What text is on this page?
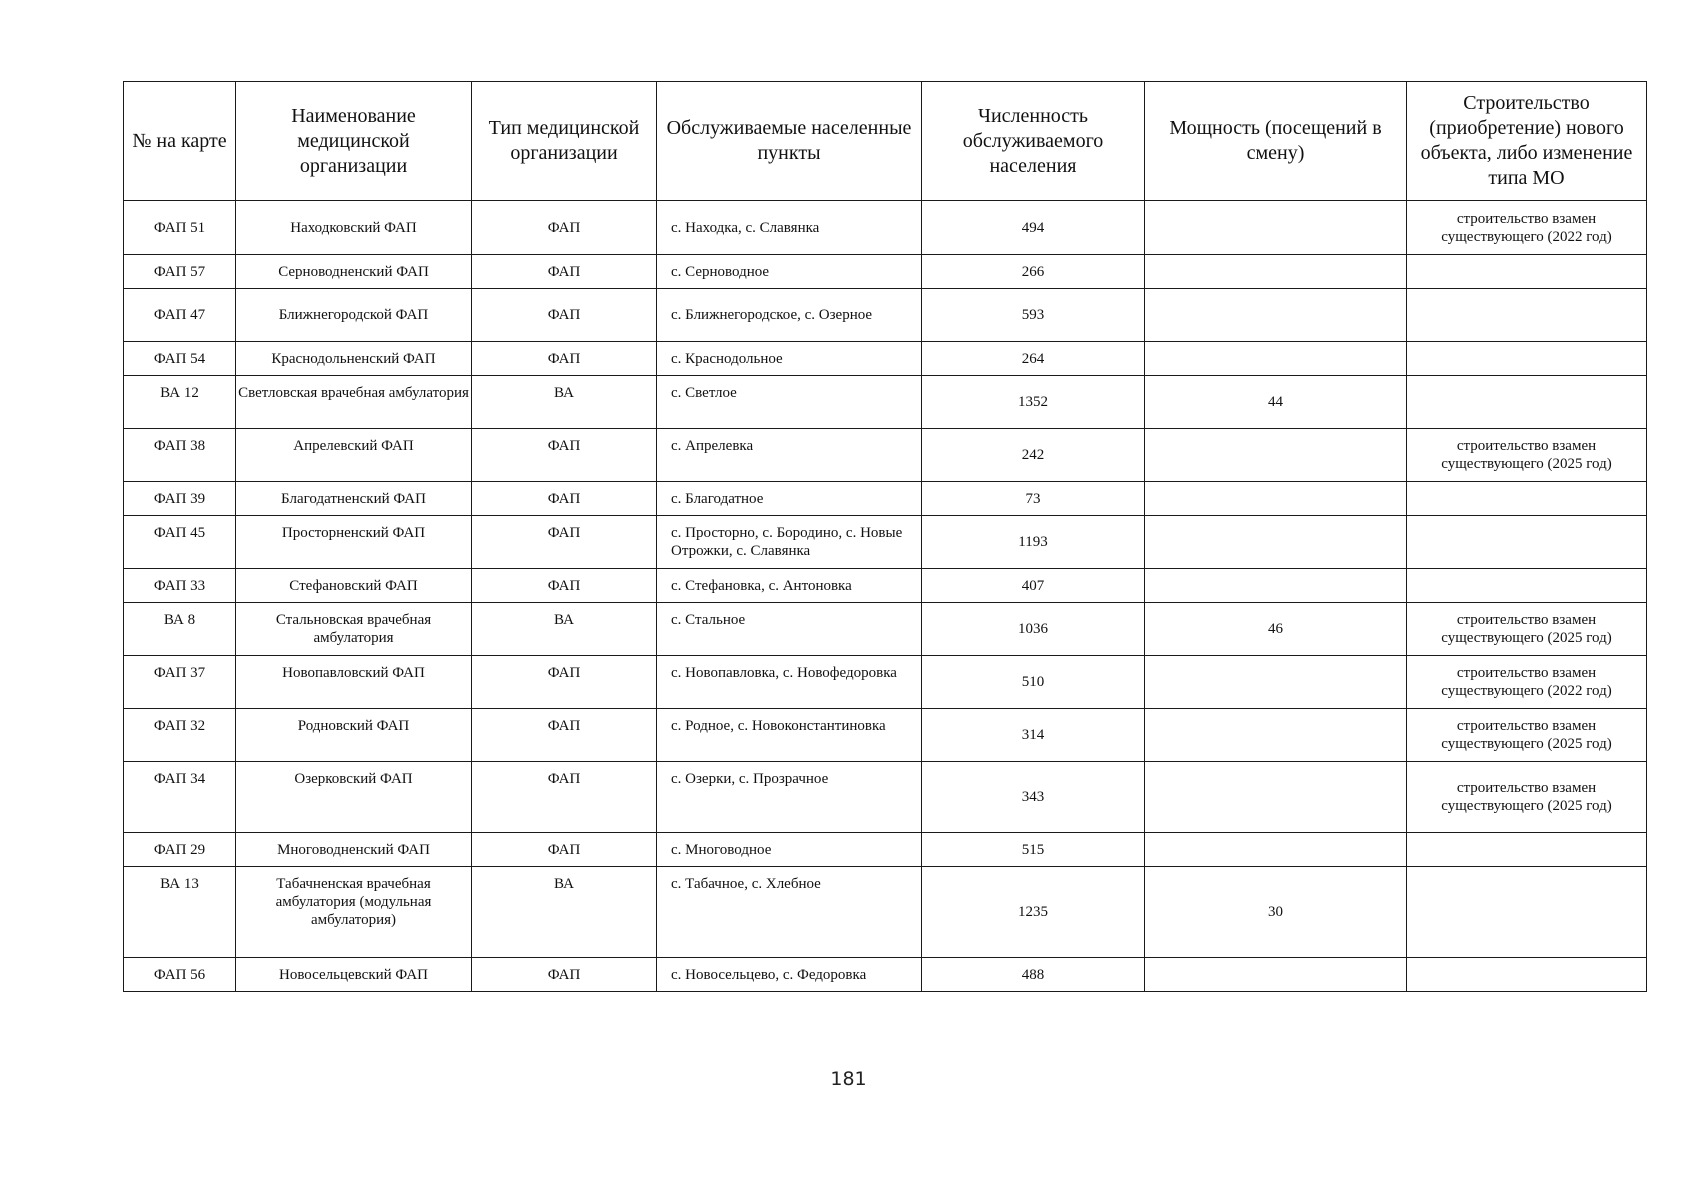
№ на карте	Наименование медицинской организации	Тип медицинской организации	Обслуживаемые населенные пункты	Численность обслуживаемого населения	Мощность (посещений в смену)	Строительство (приобретение) нового объекта, либо изменение типа МО
ФАП 51	Находковский ФАП	ФАП	с. Находка, с. Славянка	494		строительство взамен существующего (2022 год)
ФАП 57	Серноводненский ФАП	ФАП	с. Серноводное	266		
ФАП 47	Ближнегородской ФАП	ФАП	с. Ближнегородское, с. Озерное	593		
ФАП 54	Краснодольненский ФАП	ФАП	с. Краснодольное	264		
ВА 12	Светловская врачебная амбулатория	ВА	с. Светлое	1352	44	
ФАП 38	Апрелевский ФАП	ФАП	с. Апрелевка	242		строительство взамен существующего (2025 год)
ФАП 39	Благодатненский ФАП	ФАП	с. Благодатное	73		
ФАП 45	Просторненский ФАП	ФАП	с. Просторно, с. Бородино, с. Новые Отрожки, с. Славянка	1193		
ФАП 33	Стефановский ФАП	ФАП	с. Стефановка, с. Антоновка	407		
ВА 8	Стальновская врачебная амбулатория	ВА	с. Стальное	1036	46	строительство взамен существующего (2025 год)
ФАП 37	Новопавловский ФАП	ФАП	с. Новопавловка, с. Новофедоровка	510		строительство взамен существующего (2022 год)
ФАП 32	Родновский ФАП	ФАП	с. Родное, с. Новоконстантиновка	314		строительство взамен существующего (2025 год)
ФАП 34	Озерковский ФАП	ФАП	с. Озерки, с. Прозрачное	343		строительство взамен существующего (2025 год)
ФАП 29	Многоводненский ФАП	ФАП	с. Многоводное	515		
ВА 13	Табачненская врачебная амбулатория (модульная амбулатория)	ВА	с. Табачное, с. Хлебное	1235	30	
ФАП 56	Новосельцевский ФАП	ФАП	с. Новосельцево, с. Федоровка	488		
181
